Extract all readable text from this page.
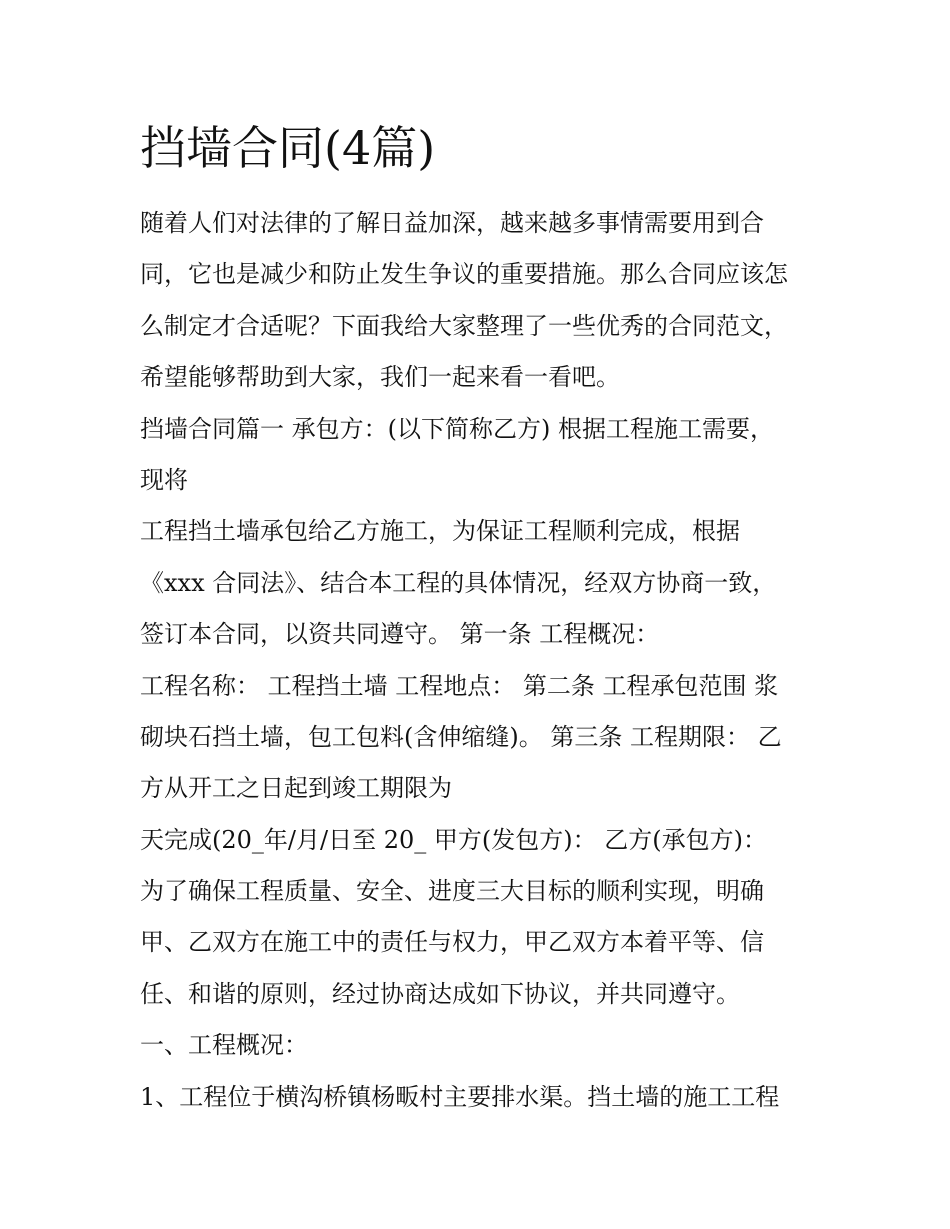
挡墙合同(4篇)
随着人们对法律的了解日益加深，越来越多事情需要用到合
同，它也是减少和防止发生争议的重要措施。那么合同应该怎
么制定才合适呢？下面我给大家整理了一些优秀的合同范文，
希望能够帮助到大家，我们一起来看一看吧。
挡墙合同篇一 承包方：(以下简称乙方) 根据工程施工需要，
现将
工程挡土墙承包给乙方施工，为保证工程顺利完成，根据
《xxx 合同法》、结合本工程的具体情况，经双方协商一致，
签订本合同，以资共同遵守。 第一条 工程概况：
工程名称： 工程挡土墙 工程地点： 第二条 工程承包范围 浆
砌块石挡土墙，包工包料(含伸缩缝)。 第三条 工程期限： 乙
方从开工之日起到竣工期限为
天完成(20_年/月/日至 20_ 甲方(发包方)： 乙方(承包方)：
为了确保工程质量、安全、进度三大目标的顺利实现，明确
甲、乙双方在施工中的责任与权力，甲乙双方本着平等、信
任、和谐的原则，经过协商达成如下协议，并共同遵守。
一、工程概况：
1、工程位于横沟桥镇杨畈村主要排水渠。挡土墙的施工工程
